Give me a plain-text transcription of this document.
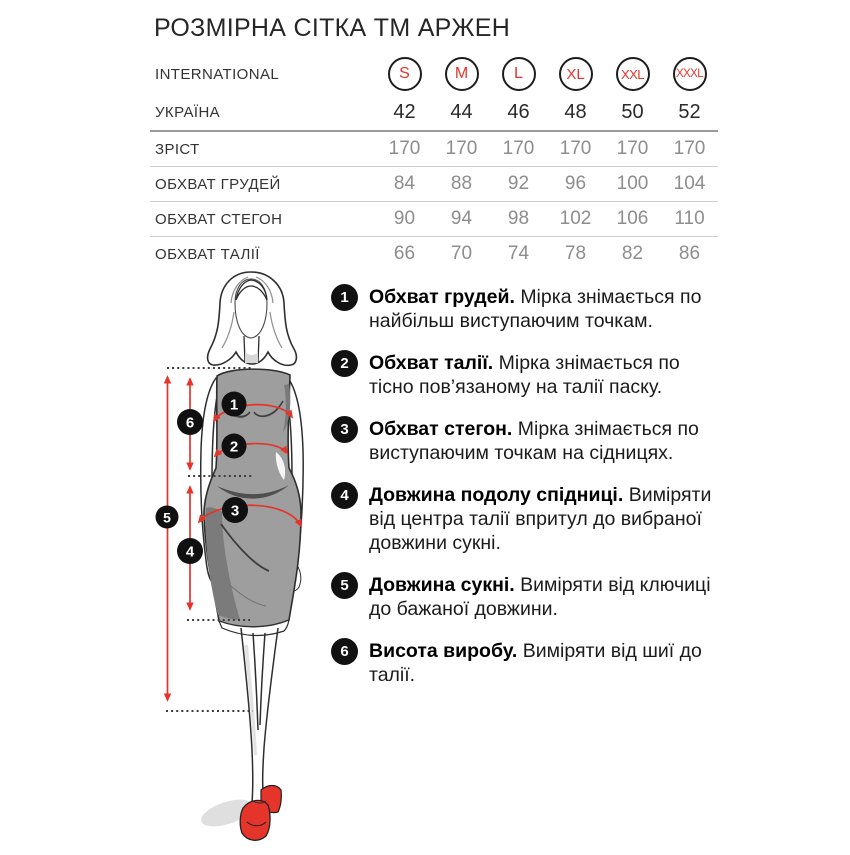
РОЗМІРНА СІТКА ТМ АРЖЕН
INTERNATIONAL	S	M	L	XL	XXL	XXXL
УКРАЇНА	42 44 46 48 50 52
ЗРІСТ	170 170 170 170 170 170
ОБХВАТ ГРУДЕЙ	84 88 92 96 100 104
ОБХВАТ СТЕГОН	90 94 98 102 106 110
ОБХВАТ ТАЛІЇ	66 70 74 78 82 86
1
2
3
4
5
6
1	Обхват грудей. Мірка знімається по найбільш виступаючим точкам.
2	Обхват талії. Мірка знімається по тісно пов’язаному на талії паску.
3	Обхват стегон. Мірка знімається по виступаючим точкам на сідницях.
4	Довжина подолу спідниці. Виміряти від центра талії впритул до вибраної довжини сукні.
5	Довжина сукні. Виміряти від ключиці до бажаної довжини.
6	Висота виробу. Виміряти від шиї до талії.
